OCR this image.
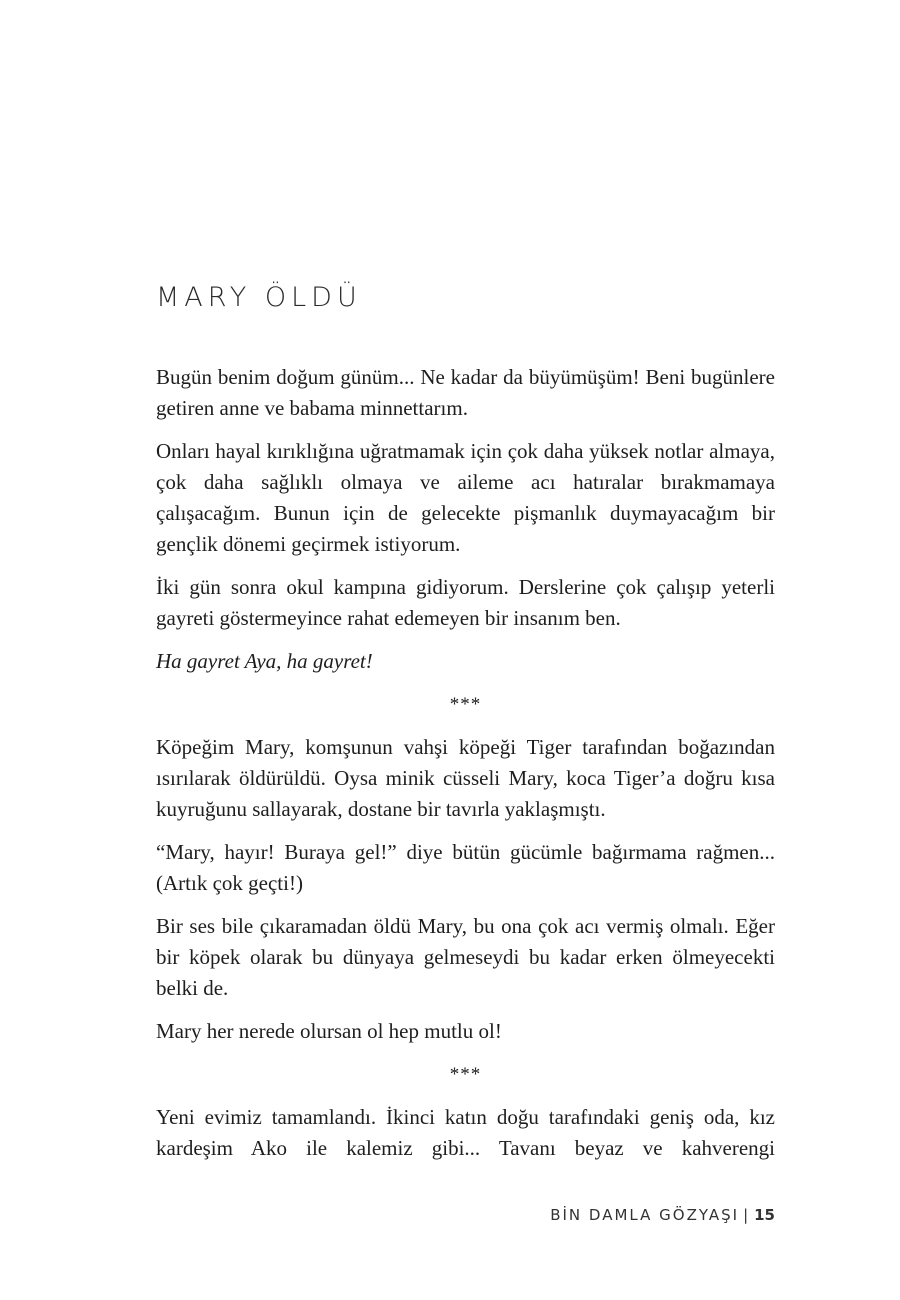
MARY ÖLDÜ

Bugün benim doğum günüm... Ne kadar da büyümüşüm! Beni bugünlere getiren anne ve babama minnettarım.

Onları hayal kırıklığına uğratmamak için çok daha yüksek notlar almaya, çok daha sağlıklı olmaya ve aileme acı hatıralar bırakmamaya çalışacağım. Bunun için de gelecekte pişmanlık duymayacağım bir gençlik dönemi geçirmek istiyorum.

İki gün sonra okul kampına gidiyorum. Derslerine çok çalışıp yeterli gayreti göstermeyince rahat edemeyen bir insanım ben.

Ha gayret Aya, ha gayret!

***

Köpeğim Mary, komşunun vahşi köpeği Tiger tarafından boğazından ısırılarak öldürüldü. Oysa minik cüsseli Mary, koca Tiger’a doğru kısa kuyruğunu sallayarak, dostane bir tavırla yaklaşmıştı.

“Mary, hayır! Buraya gel!” diye bütün gücümle bağırmama rağmen... (Artık çok geçti!)

Bir ses bile çıkaramadan öldü Mary, bu ona çok acı vermiş olmalı. Eğer bir köpek olarak bu dünyaya gelmeseydi bu kadar erken ölmeyecekti belki de.

Mary her nerede olursan ol hep mutlu ol!

***

Yeni evimiz tamamlandı. İkinci katın doğu tarafındaki geniş oda, kız kardeşim Ako ile kalemiz gibi... Tavanı beyaz ve kahverengi

BİN DAMLA GÖZYAŞI | 15
